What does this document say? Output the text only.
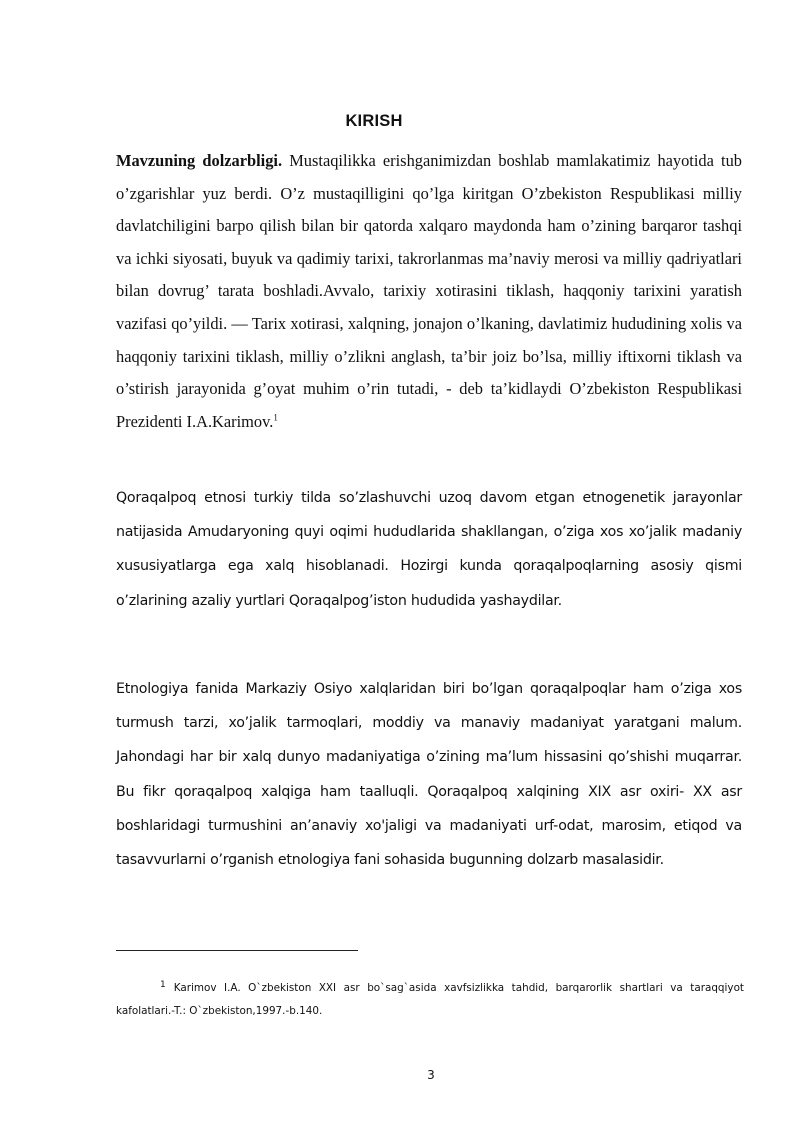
KIRISH

Mavzuning dolzarbligi. Mustaqilikka erishganimizdan boshlab mamlakatimiz hayotida tub o’zgarishlar yuz berdi. O’z mustaqilligini qo’lga kiritgan O’zbekiston Respublikasi milliy davlatchiligini barpo qilish bilan bir qatorda xalqaro maydonda ham o’zining barqaror tashqi va ichki siyosati, buyuk va qadimiy tarixi, takrorlanmas ma’naviy merosi va milliy qadriyatlari bilan dovrug’ tarata boshladi.Avvalo, tarixiy xotirasini tiklash, haqqoniy tarixini yaratish vazifasi qo’yildi. — Tarix xotirasi, xalqning, jonajon o’lkaning, davlatimiz hududining xolis va haqqoniy tarixini tiklash, milliy o’zlikni anglash, ta’bir joiz bo’lsa, milliy iftixorni tiklash va o’stirish jarayonida g’oyat muhim o’rin tutadi, - deb ta’kidlaydi O’zbekiston Respublikasi Prezidenti I.A.Karimov.$^1$

Qoraqalpoq etnosi turkiy tilda so’zlashuvchi uzoq davom etgan etnogenetik jarayonlar natijasida Amudaryoning quyi oqimi hududlarida shakllangan, o’ziga xos xo’jalik madaniy xususiyatlarga ega xalq hisoblanadi. Hozirgi kunda qoraqalpoqlarning asosiy qismi o’zlarining azaliy yurtlari Qoraqalpog’iston hududida yashaydilar.

Etnologiya fanida Markaziy Osiyo xalqlaridan biri bo’lgan qoraqalpoqlar ham o’ziga xos turmush tarzi, xo’jalik tarmoqlari, moddiy va manaviy madaniyat yaratgani malum. Jahondagi har bir xalq dunyo madaniyatiga o’zining ma’lum hissasini qo’shishi muqarrar. Bu fikr qoraqalpoq xalqiga ham taalluqli. Qoraqalpoq xalqining XIX asr oxiri- XX asr boshlaridagi turmushini an’anaviy xo'jaligi va madaniyati urf-odat, marosim, etiqod va tasavvurlarni o’rganish etnologiya fani sohasida bugunning dolzarb masalasidir.

$^1$ Karimov I.A. O`zbekiston XXI asr bo`sag`asida xavfsizlikka tahdid, barqarorlik shartlari va taraqqiyot kafolatlari.-T.: O`zbekiston,1997.-b.140.

3
